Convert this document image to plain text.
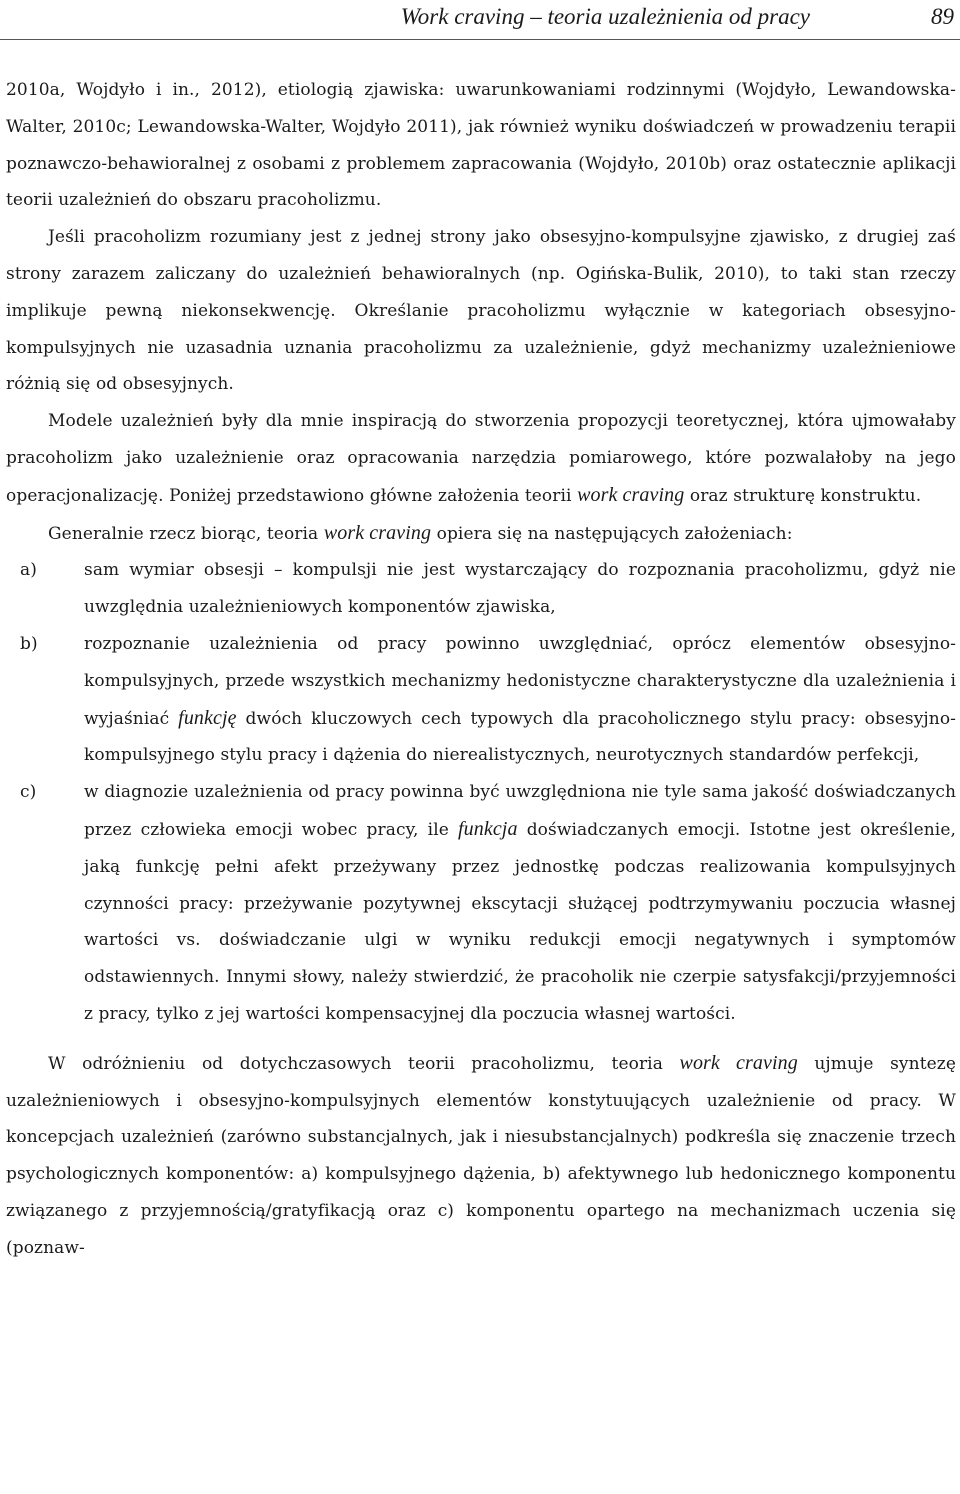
Work craving – teoria uzależnienia od pracy	89

2010a, Wojdyło i in., 2012), etiologią zjawiska: uwarunkowaniami rodzinnymi (Wojdyło, Lewandowska-Walter, 2010c; Lewandowska-Walter, Wojdyło 2011), jak również wyniku doświadczeń w prowadzeniu terapii poznawczo-behawioralnej z osobami z problemem zapracowania (Wojdyło, 2010b) oraz ostatecznie aplikacji teorii uzależnień do obszaru pracoholizmu.

Jeśli pracoholizm rozumiany jest z jednej strony jako obsesyjno-kompulsyjne zjawisko, z drugiej zaś strony zarazem zaliczany do uzależnień behawioralnych (np. Ogińska-Bulik, 2010), to taki stan rzeczy implikuje pewną niekonsekwencję. Określanie pracoholizmu wyłącznie w kategoriach obsesyjno-kompulsyjnych nie uzasadnia uznania pracoholizmu za uzależnienie, gdyż mechanizmy uzależnieniowe różnią się od obsesyjnych.

Modele uzależnień były dla mnie inspiracją do stworzenia propozycji teoretycznej, która ujmowałaby pracoholizm jako uzależnienie oraz opracowania narzędzia pomiarowego, które pozwalałoby na jego operacjonalizację. Poniżej przedstawiono główne założenia teorii work craving oraz strukturę konstruktu.

Generalnie rzecz biorąc, teoria work craving opiera się na następujących założeniach:

a)	sam wymiar obsesji – kompulsji nie jest wystarczający do rozpoznania pracoholizmu, gdyż nie uwzględnia uzależnieniowych komponentów zjawiska,
b)	rozpoznanie uzależnienia od pracy powinno uwzględniać, oprócz elementów obsesyjno-kompulsyjnych, przede wszystkich mechanizmy hedonistyczne charakterystyczne dla uzależnienia i wyjaśniać funkcję dwóch kluczowych cech typowych dla pracoholicznego stylu pracy: obsesyjno-kompulsyjnego stylu pracy i dążenia do nierealistycznych, neurotycznych standardów perfekcji,
c)	w diagnozie uzależnienia od pracy powinna być uwzględniona nie tyle sama jakość doświadczanych przez człowieka emocji wobec pracy, ile funkcja doświadczanych emocji. Istotne jest określenie, jaką funkcję pełni afekt przeżywany przez jednostkę podczas realizowania kompulsyjnych czynności pracy: przeżywanie pozytywnej ekscytacji służącej podtrzymywaniu poczucia własnej wartości vs. doświadczanie ulgi w wyniku redukcji emocji negatywnych i symptomów odstawiennych. Innymi słowy, należy stwierdzić, że pracoholik nie czerpie satysfakcji/przyjemności z pracy, tylko z jej wartości kompensacyjnej dla poczucia własnej wartości.

W odróżnieniu od dotychczasowych teorii pracoholizmu, teoria work craving ujmuje syntezę uzależnieniowych i obsesyjno-kompulsyjnych elementów konstytuujących uzależnienie od pracy. W koncepcjach uzależnień (zarówno substancjalnych, jak i niesubstancjalnych) podkreśla się znaczenie trzech psychologicznych komponentów: a) kompulsyjnego dążenia, b) afektywnego lub hedonicznego komponentu związanego z przyjemnością/gratyfikacją oraz c) komponentu opartego na mechanizmach uczenia się (poznaw-
